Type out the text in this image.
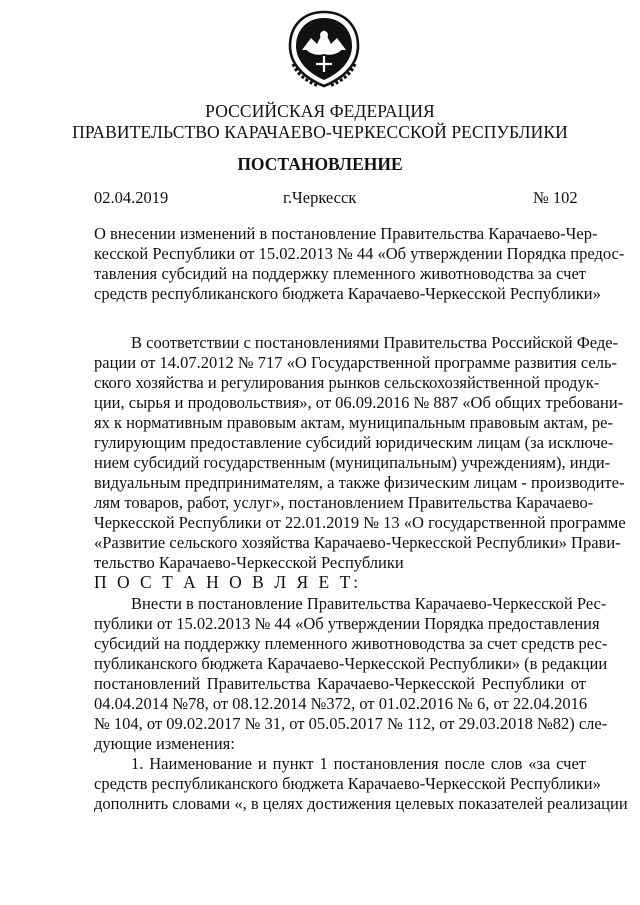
РОССИЙСКАЯ ФЕДЕРАЦИЯ
ПРАВИТЕЛЬСТВО КАРАЧАЕВО-ЧЕРКЕССКОЙ РЕСПУБЛИКИ
ПОСТАНОВЛЕНИЕ
02.04.2019	г.Черкесск	№ 102
О внесении изменений в постановление Правительства Карачаево-Чер-
кесской Республики от 15.02.2013 № 44 «Об утверждении Порядка предос-
тавления субсидий на поддержку племенного животноводства за счет
средств республиканского бюджета Карачаево-Черкесской Республики»
В соответствии с постановлениями Правительства Российской Феде-
рации от 14.07.2012 № 717 «О Государственной программе развития сель-
ского хозяйства и регулирования рынков сельскохозяйственной продук-
ции, сырья и продовольствия», от 06.09.2016 № 887 «Об общих требовани-
ях к нормативным правовым актам, муниципальным правовым актам, ре-
гулирующим предоставление субсидий юридическим лицам (за исключе-
нием субсидий государственным (муниципальным) учреждениям), инди-
видуальным предпринимателям, а также физическим лицам - производите-
лям товаров, работ, услуг», постановлением Правительства Карачаево-
Черкесской Республики от 22.01.2019 № 13 «О государственной программе
«Развитие сельского хозяйства Карачаево-Черкесской Республики» Прави-
тельство Карачаево-Черкесской Республики
П О С Т А Н О В Л Я Е Т:
Внести в постановление Правительства Карачаево-Черкесской Рес-
публики от 15.02.2013 № 44 «Об утверждении Порядка предоставления
субсидий на поддержку племенного животноводства за счет средств рес-
публиканского бюджета Карачаево-Черкесской Республики» (в редакции
постановлений Правительства Карачаево-Черкесской Республики от
04.04.2014 №78, от 08.12.2014 №372, от 01.02.2016 № 6, от 22.04.2016
№ 104, от 09.02.2017 № 31, от 05.05.2017 № 112, от 29.03.2018 №82) сле-
дующие изменения:
1. Наименование и пункт 1 постановления после слов «за счет
средств республиканского бюджета Карачаево-Черкесской Республики»
дополнить словами «, в целях достижения целевых показателей реализации
